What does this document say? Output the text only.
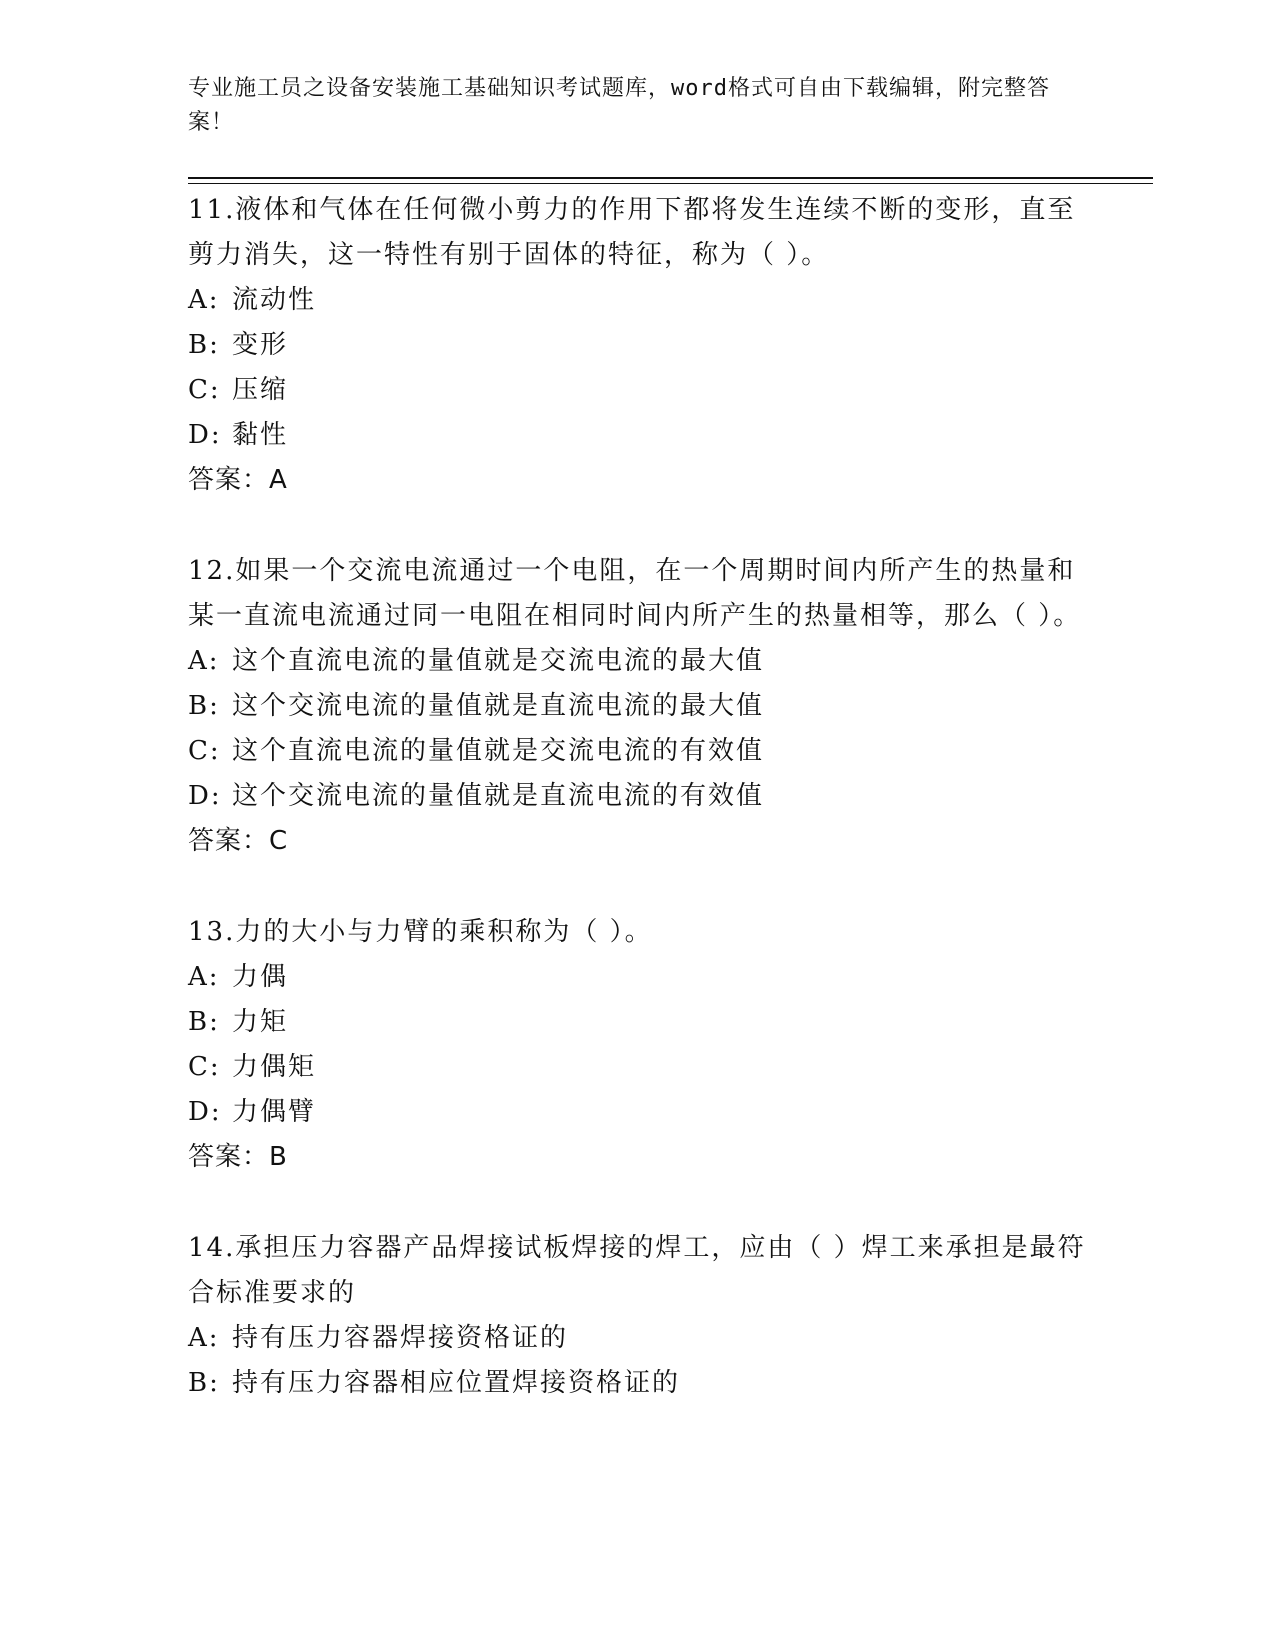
专业施工员之设备安装施工基础知识考试题库，word格式可自由下载编辑，附完整答案！

11.液体和气体在任何微小剪力的作用下都将发生连续不断的变形，直至剪力消失，这一特性有别于固体的特征，称为（ ）。

A: 流动性
B: 变形
C: 压缩
D: 黏性
答案：A

12.如果一个交流电流通过一个电阻，在一个周期时间内所产生的热量和某一直流电流通过同一电阻在相同时间内所产生的热量相等，那么（ ）。

A: 这个直流电流的量值就是交流电流的最大值
B: 这个交流电流的量值就是直流电流的最大值
C: 这个直流电流的量值就是交流电流的有效值
D: 这个交流电流的量值就是直流电流的有效值
答案：C

13.力的大小与力臂的乘积称为（ ）。

A: 力偶
B: 力矩
C: 力偶矩
D: 力偶臂
答案：B

14.承担压力容器产品焊接试板焊接的焊工，应由（ ）焊工来承担是最符合标准要求的

A: 持有压力容器焊接资格证的
B: 持有压力容器相应位置焊接资格证的
